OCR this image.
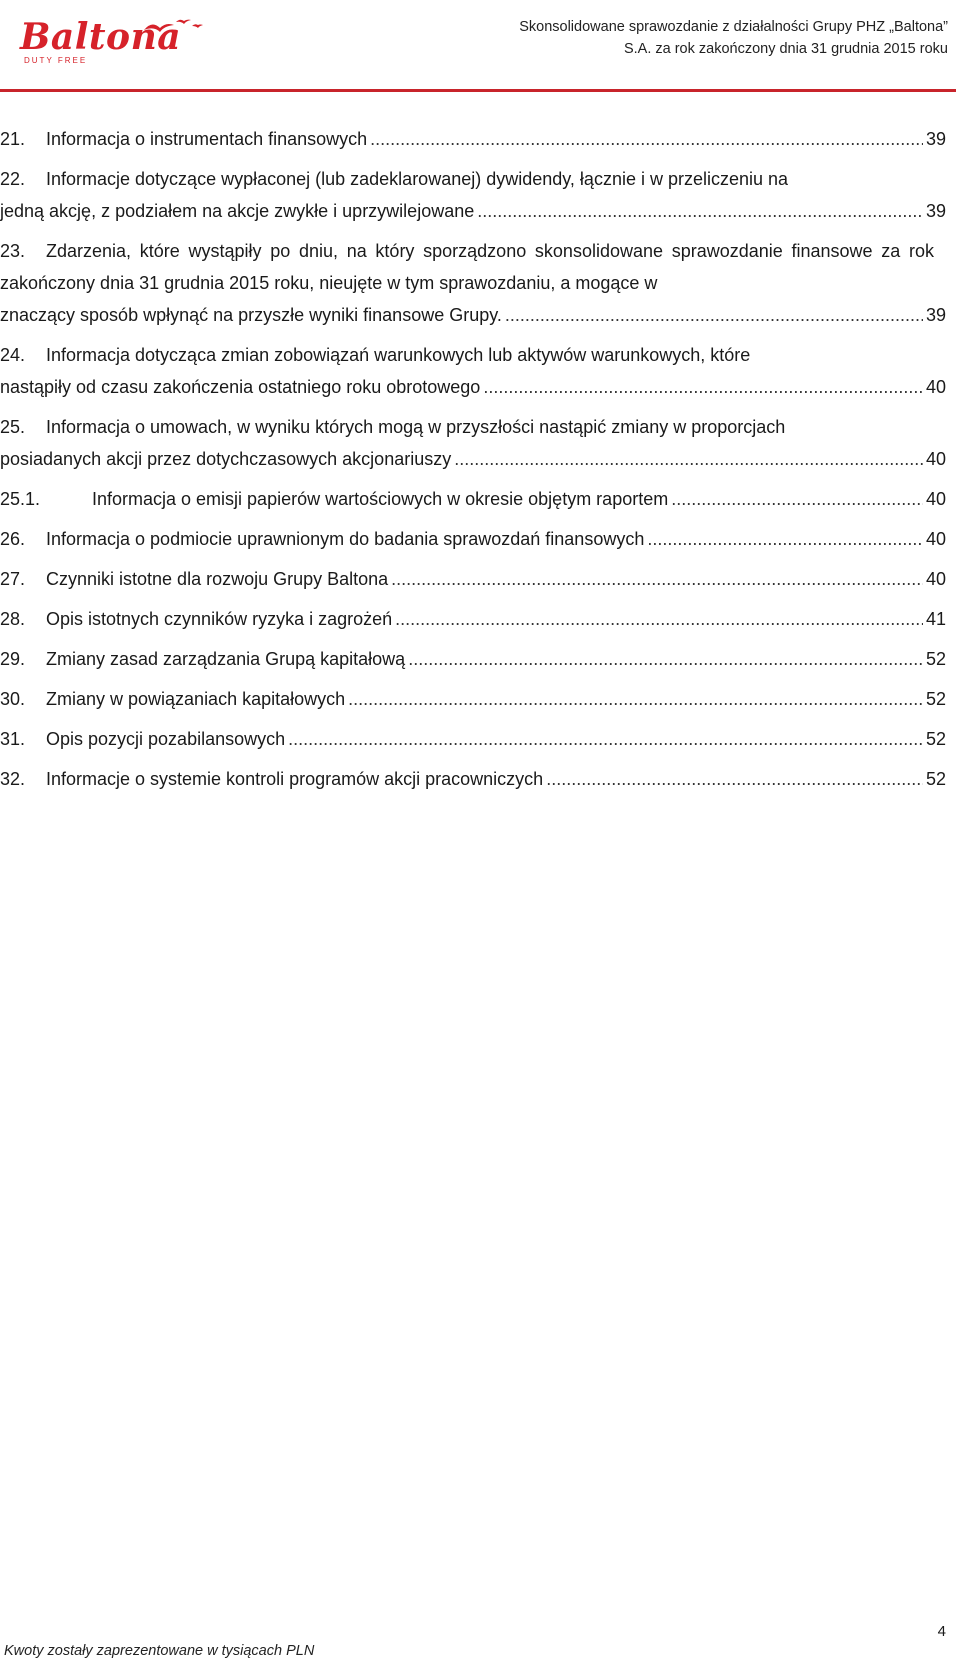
Baltona
DUTY FREE
Skonsolidowane sprawozdanie z działalności Grupy PHZ „Baltona”
S.A. za rok zakończony dnia 31 grudnia 2015 roku
21.	Informacja o instrumentach finansowych .....	39
22. Informacje dotyczące wypłaconej (lub zadeklarowanej) dywidendy, łącznie i w przeliczeniu na
jedną akcję, z podziałem na akcje zwykłe i uprzywilejowane .....	39
23. Zdarzenia, które wystąpiły po dniu, na który sporządzono skonsolidowane sprawozdanie finansowe za rok zakończony dnia 31 grudnia 2015 roku, nieujęte w tym sprawozdaniu, a mogące w
znaczący sposób wpłynąć na przyszłe wyniki finansowe Grupy. .....	39
24. Informacja dotycząca zmian zobowiązań warunkowych lub aktywów warunkowych, które
nastąpiły od czasu zakończenia ostatniego roku obrotowego .....	40
25. Informacja o umowach, w wyniku których mogą w przyszłości nastąpić zmiany w proporcjach
posiadanych akcji przez dotychczasowych akcjonariuszy .....	40
25.1.	Informacja o emisji papierów wartościowych w okresie objętym raportem .....	40
26.	Informacja o podmiocie uprawnionym do badania sprawozdań finansowych .....	40
27.	Czynniki istotne dla rozwoju Grupy Baltona .....	40
28.	Opis istotnych czynników ryzyka i zagrożeń .....	41
29.	Zmiany zasad zarządzania Grupą kapitałową .....	52
30.	Zmiany w powiązaniach kapitałowych .....	52
31.	Opis pozycji pozabilansowych .....	52
32.	Informacje o systemie kontroli programów akcji pracowniczych .....	52
4
Kwoty zostały zaprezentowane w tysiącach PLN
